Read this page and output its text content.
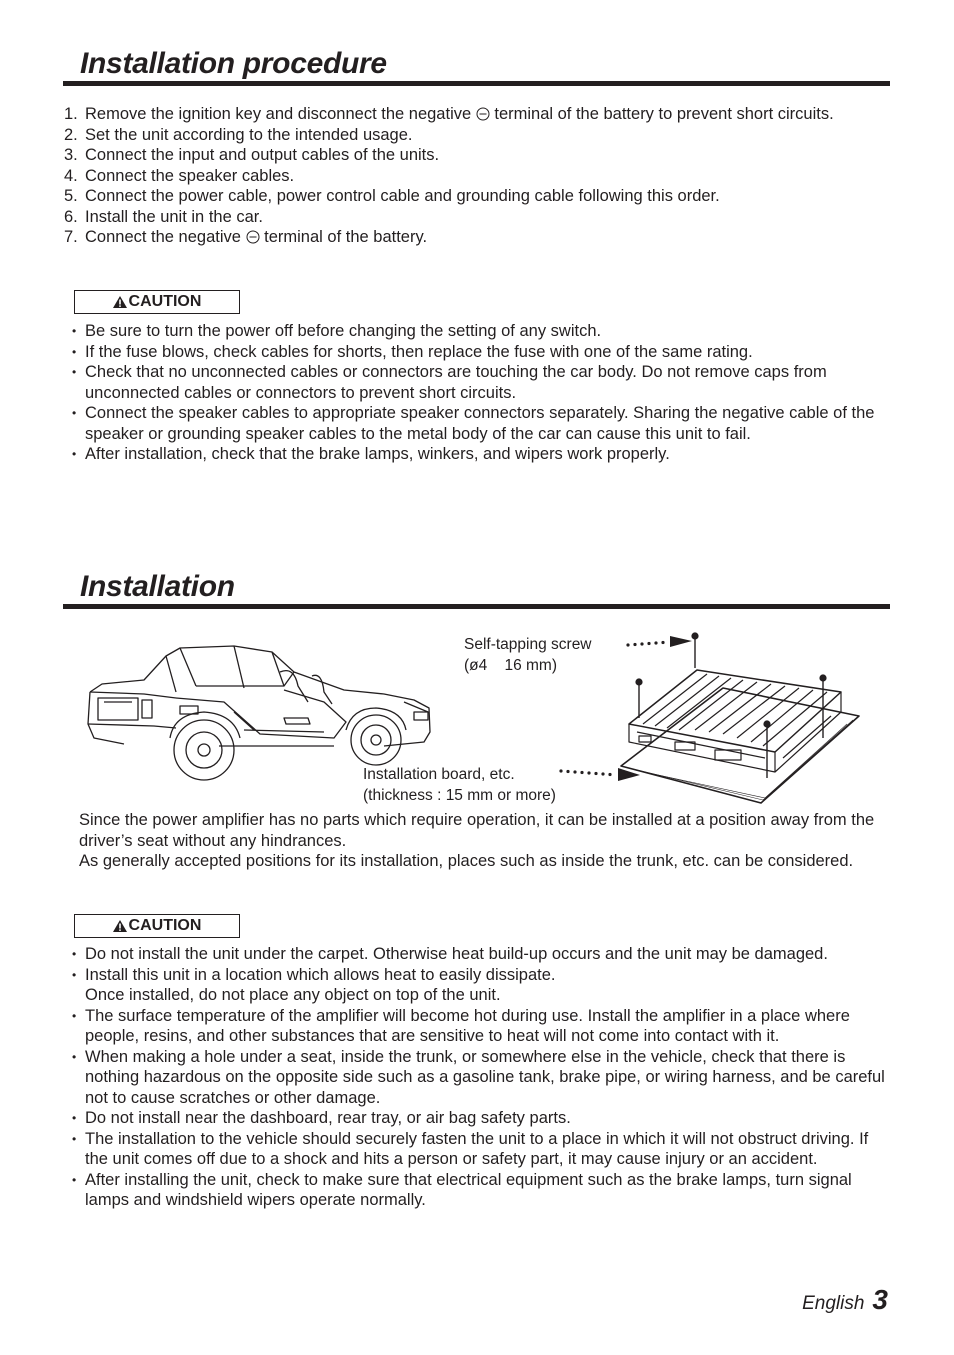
Installation procedure
1. Remove the ignition key and disconnect the negative terminal of the battery to prevent short circuits.
2. Set the unit according to the intended usage.
3. Connect the input and output cables of the units.
4. Connect the speaker cables.
5. Connect the power cable, power control cable and grounding cable following this order.
6. Install the unit in the car.
7. Connect the negative terminal of the battery.
CAUTION
• Be sure to turn the power off before changing the setting of any switch.
• If the fuse blows, check cables for shorts, then replace the fuse with one of the same rating.
• Check that no unconnected cables or connectors are touching the car body. Do not remove caps from unconnected cables or connectors to prevent short circuits.
• Connect the speaker cables to appropriate speaker connectors separately. Sharing the negative cable of the speaker or grounding speaker cables to the metal body of the car can cause this unit to fail.
• After installation, check that the brake lamps, winkers, and wipers work properly.
Installation

Self-tapping screw

(ø4    16 mm)

Installation board, etc.

(thickness : 15 mm or more)

Since the power amplifier has no parts which require operation, it can be installed at a position away from the driver’s seat without any hindrances.

As generally accepted positions for its installation, places such as inside the trunk, etc. can be considered.

CAUTION
• Do not install the unit under the carpet. Otherwise heat build-up occurs and the unit may be damaged.
• Install this unit in a location which allows heat to easily dissipate.
Once installed, do not place any object on top of the unit.
• The surface temperature of the amplifier will become hot during use. Install the amplifier in a place where people, resins, and other substances that are sensitive to heat will not come into contact with it.
• When making a hole under a seat, inside the trunk, or somewhere else in the vehicle, check that there is nothing hazardous on the opposite side such as a gasoline tank, brake pipe, or wiring harness, and be careful not to cause scratches or other damage.
• Do not install near the dashboard, rear tray, or air bag safety parts.
• The installation to the vehicle should securely fasten the unit to a place in which it will not obstruct driving. If the unit comes off due to a shock and hits a person or safety part, it may cause injury or an accident.
• After installing the unit, check to make sure that electrical equipment such as the brake lamps, turn signal lamps and windshield wipers operate normally.
English 3
